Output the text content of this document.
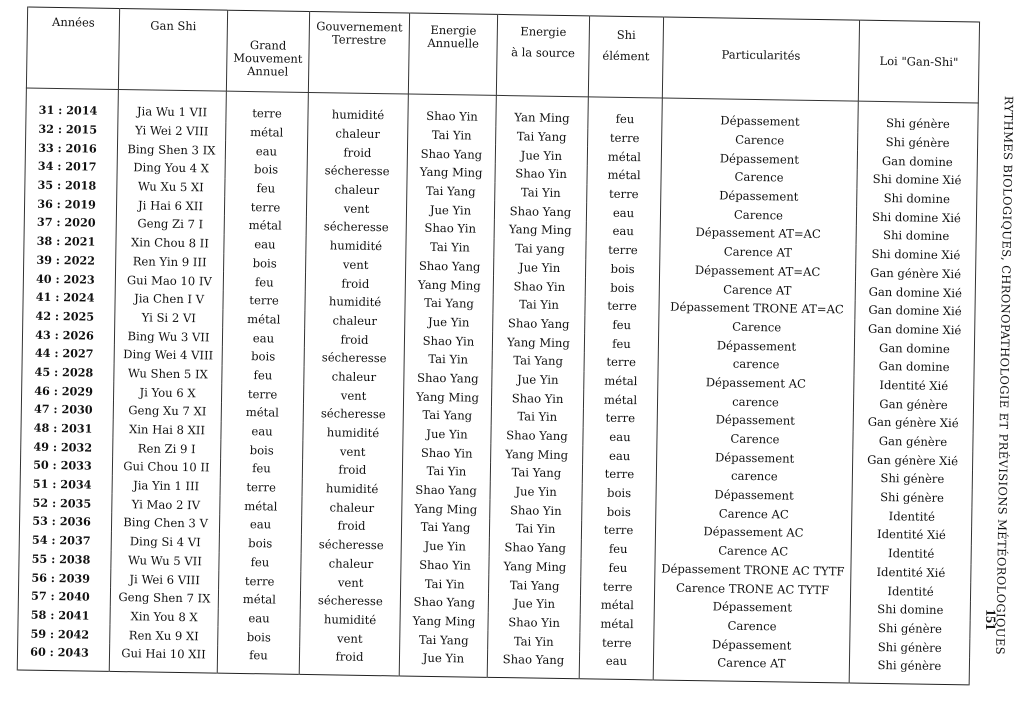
Années	Gan Shi	Grand
Mouvement
Annuel	Gouvernement
Terrestre	Energie
Annuelle	Energie
à la source	Shi
élément	Particularités	Loi "Gan-Shi"
31 : 2014	Jia Wu 1 VII	terre	humidité	Shao Yin	Yan Ming	feu	Dépassement	Shi génère
32 : 2015	Yi Wei 2 VIII	métal	chaleur	Tai Yin	Tai Yang	terre	Carence	Shi génère
33 : 2016	Bing Shen 3 IX	eau	froid	Shao Yang	Jue Yin	métal	Dépassement	Gan domine
34 : 2017	Ding You 4 X	bois	sécheresse	Yang Ming	Shao Yin	métal	Carence	Shi domine Xié
35 : 2018	Wu Xu 5 XI	feu	chaleur	Tai Yang	Tai Yin	terre	Dépassement	Shi domine
36 : 2019	Ji Hai 6 XII	terre	vent	Jue Yin	Shao Yang	eau	Carence	Shi domine Xié
37 : 2020	Geng Zi 7 I	métal	sécheresse	Shao Yin	Yang Ming	eau	Dépassement AT=AC	Shi domine
38 : 2021	Xin Chou 8 II	eau	humidité	Tai Yin	Tai yang	terre	Carence AT	Shi domine Xié
39 : 2022	Ren Yin 9 III	bois	vent	Shao Yang	Jue Yin	bois	Dépassement AT=AC	Gan génère Xié
40 : 2023	Gui Mao 10 IV	feu	froid	Yang Ming	Shao Yin	bois	Carence AT	Gan domine Xié
41 : 2024	Jia Chen I V	terre	humidité	Tai Yang	Tai Yin	terre	Dépassement TRONE AT=AC	Gan domine Xié
42 : 2025	Yi Si 2 VI	métal	chaleur	Jue Yin	Shao Yang	feu	Carence	Gan domine Xié
43 : 2026	Bing Wu 3 VII	eau	froid	Shao Yin	Yang Ming	feu	Dépassement	Gan domine
44 : 2027	Ding Wei 4 VIII	bois	sécheresse	Tai Yin	Tai Yang	terre	carence	Gan domine
45 : 2028	Wu Shen 5 IX	feu	chaleur	Shao Yang	Jue Yin	métal	Dépassement AC	Identité Xié
46 : 2029	Ji You 6 X	terre	vent	Yang Ming	Shao Yin	métal	carence	Gan génère
47 : 2030	Geng Xu 7 XI	métal	sécheresse	Tai Yang	Tai Yin	terre	Dépassement	Gan génère Xié
48 : 2031	Xin Hai 8 XII	eau	humidité	Jue Yin	Shao Yang	eau	Carence	Gan génère
49 : 2032	Ren Zi 9 I	bois	vent	Shao Yin	Yang Ming	eau	Dépassement	Gan génère Xié
50 : 2033	Gui Chou 10 II	feu	froid	Tai Yin	Tai Yang	terre	carence	Shi génère
51 : 2034	Jia Yin 1 III	terre	humidité	Shao Yang	Jue Yin	bois	Dépassement	Shi génère
52 : 2035	Yi Mao 2 IV	métal	chaleur	Yang Ming	Shao Yin	bois	Carence AC	Identité
53 : 2036	Bing Chen 3 V	eau	froid	Tai Yang	Tai Yin	terre	Dépassement AC	Identité Xié
54 : 2037	Ding Si 4 VI	bois	sécheresse	Jue Yin	Shao Yang	feu	Carence AC	Identité
55 : 2038	Wu Wu 5 VII	feu	chaleur	Shao Yin	Yang Ming	feu	Dépassement TRONE AC TYTF	Identité Xié
56 : 2039	Ji Wei 6 VIII	terre	vent	Tai Yin	Tai Yang	terre	Carence TRONE AC TYTF	Identité
57 : 2040	Geng Shen 7 IX	métal	sécheresse	Shao Yang	Jue Yin	métal	Dépassement	Shi domine
58 : 2041	Xin You 8 X	eau	humidité	Yang Ming	Shao Yin	métal	Carence	Shi génère
59 : 2042	Ren Xu 9 XI	bois	vent	Tai Yang	Tai Yin	terre	Dépassement	Shi génère
60 : 2043	Gui Hai 10 XII	feu	froid	Jue Yin	Shao Yang	eau	Carence AT	Shi génère
RYTHMES BIOLOGIQUES, CHRONOPATHOLOGIE ET PRÉVISIONS MÉTÉOROLOGIQUES
151
